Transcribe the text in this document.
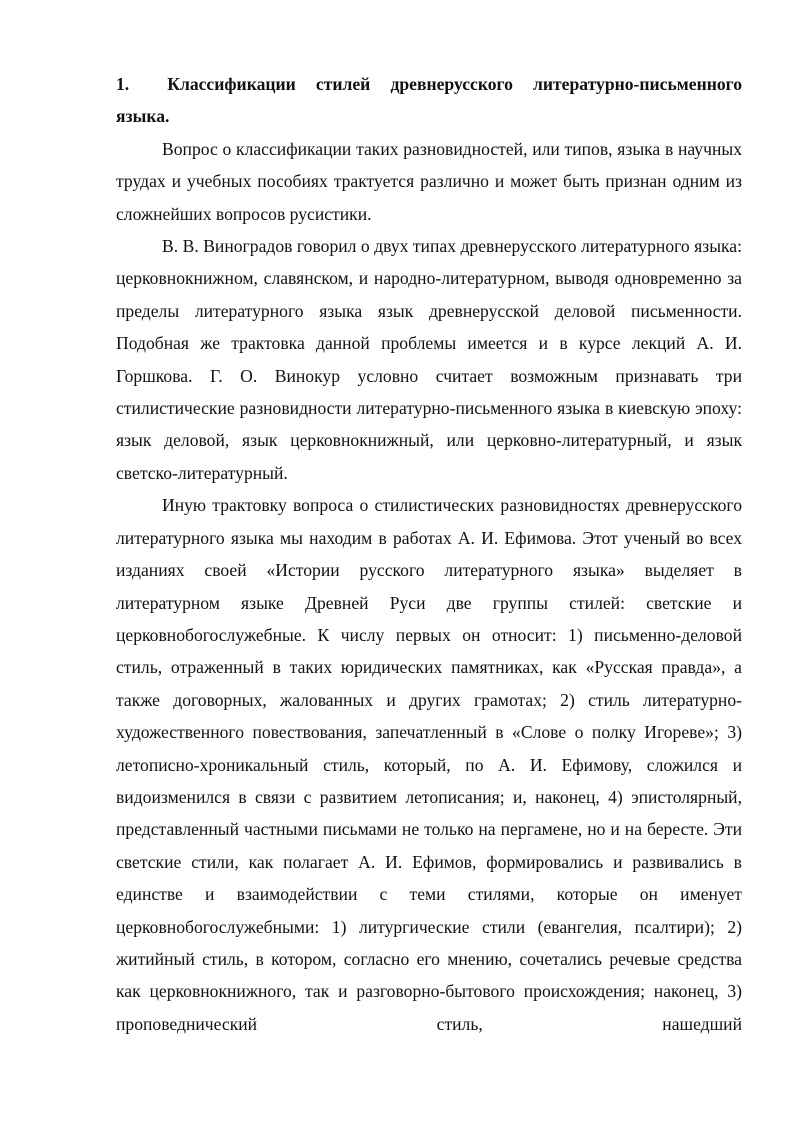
1. Классификации стилей древнерусского литературно-письменного языка.

Вопрос о классификации таких разновидностей, или типов, языка в научных трудах и учебных пособиях трактуется различно и может быть признан одним из сложнейших вопросов русистики.

В. В. Виноградов говорил о двух типах древнерусского литературного языка: церковнокнижном, славянском, и народно-литературном, выводя одновременно за пределы литературного языка язык древнерусской деловой письменности. Подобная же трактовка данной проблемы имеется и в курсе лекций А. И. Горшкова. Г. О. Винокур условно считает возможным признавать три стилистические разновидности литературно-письменного языка в киевскую эпоху: язык деловой, язык церковнокнижный, или церковно-литературный, и язык светско-литературный.

Иную трактовку вопроса о стилистических разновидностях древнерусского литературного языка мы находим в работах А. И. Ефимова. Этот ученый во всех изданиях своей «Истории русского литературного языка» выделяет в литературном языке Древней Руси две группы стилей: светские и церковнобогослужебные. К числу первых он относит: 1) письменно-деловой стиль, отраженный в таких юридических памятниках, как «Русская правда», а также договорных, жалованных и других грамотах; 2) стиль литературно-художественного повествования, запечатленный в «Слове о полку Игореве»; 3) летописно-хроникальный стиль, который, по А. И. Ефимову, сложился и видоизменился в связи с развитием летописания; и, наконец, 4) эпистолярный, представленный частными письмами не только на пергамене, но и на бересте. Эти светские стили, как полагает А. И. Ефимов, формировались и развивались в единстве и взаимодействии с теми стилями, которые он именует церковнобогослужебными: 1) литургические стили (евангелия, псалтири); 2) житийный стиль, в котором, согласно его мнению, сочетались речевые средства как церковнокнижного, так и разговорно-бытового происхождения; наконец, 3) проповеднический стиль, нашедший
